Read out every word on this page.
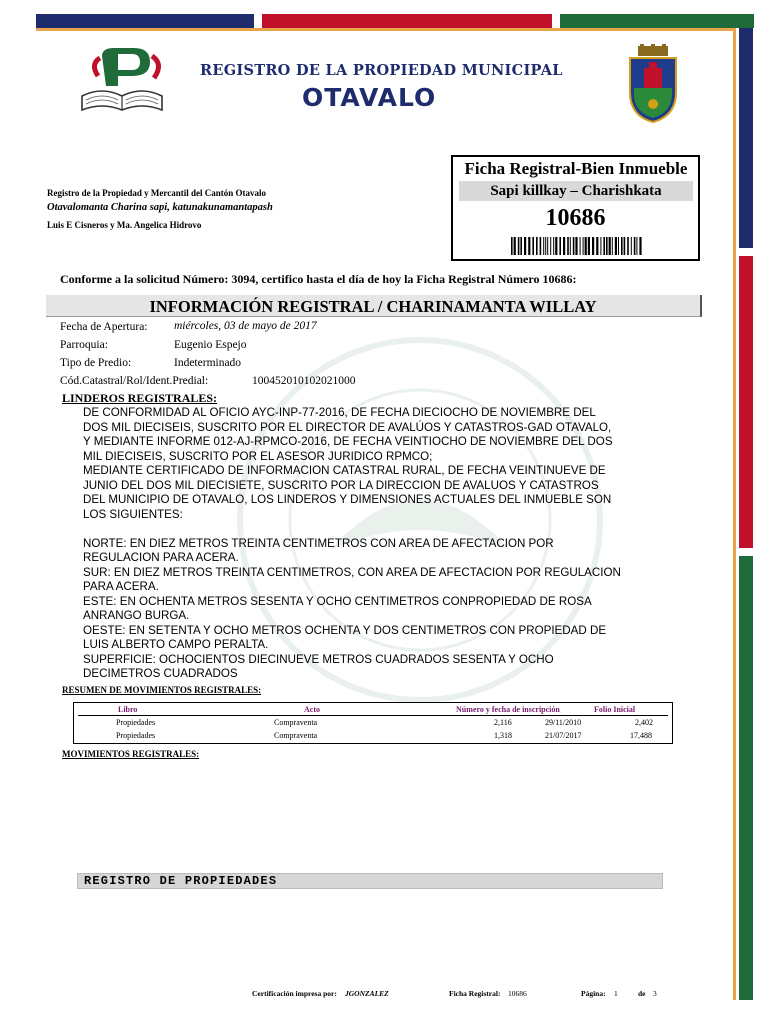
REGISTRO DE LA PROPIEDAD MUNICIPAL
OTAVALO
Registro de la Propiedad y Mercantil del Cantón Otavalo
Otavalomanta Charina sapi, katunakunamantapash
Luis E Cisneros y Ma. Angelica Hidrovo
Ficha Registral-Bien Inmueble
Sapi killkay – Charishkata
10686
Conforme a la solicitud Número: 3094, certifico hasta el día de hoy la Ficha Registral Número 10686:
INFORMACIÓN REGISTRAL / CHARINAMANTA WILLAY
Fecha de Apertura: miércoles, 03 de mayo de 2017
Parroquia:	Eugenio Espejo
Tipo de Predio:	Indeterminado
Cód.Catastral/Rol/Ident.Predial:	100452010102021000
LINDEROS REGISTRALES:
DE CONFORMIDAD AL OFICIO AYC-INP-77-2016, DE FECHA DIECIOCHO DE NOVIEMBRE DEL
DOS MIL DIECISEIS, SUSCRITO POR EL DIRECTOR DE AVALÚOS Y CATASTROS-GAD OTAVALO,
Y MEDIANTE INFORME 012-AJ-RPMCO-2016, DE FECHA VEINTIOCHO DE NOVIEMBRE DEL DOS
MIL DIECISEIS, SUSCRITO POR EL ASESOR JURIDICO RPMCO;
MEDIANTE CERTIFICADO DE INFORMACION CATASTRAL RURAL, DE FECHA VEINTINUEVE DE
JUNIO DEL DOS MIL DIECISIETE, SUSCRITO POR LA DIRECCION DE AVALUOS Y CATASTROS
DEL MUNICIPIO DE OTAVALO, LOS LINDEROS Y DIMENSIONES ACTUALES DEL INMUEBLE SON
LOS SIGUIENTES:

NORTE: EN DIEZ METROS TREINTA CENTIMETROS CON AREA DE AFECTACION POR
REGULACION PARA ACERA.
SUR: EN DIEZ METROS TREINTA CENTIMETROS, CON AREA DE AFECTACION POR REGULACION
PARA ACERA.
ESTE: EN OCHENTA METROS SESENTA Y OCHO CENTIMETROS CONPROPIEDAD DE ROSA
ANRANGO BURGA.
OESTE: EN SETENTA Y OCHO METROS OCHENTA Y DOS CENTIMETROS CON PROPIEDAD DE
LUIS ALBERTO CAMPO PERALTA.
SUPERFICIE: OCHOCIENTOS DIECINUEVE METROS CUADRADOS SESENTA Y OCHO
DECIMETROS CUADRADOS
RESUMEN DE MOVIMIENTOS REGISTRALES:
Libro	Acto	Número y fecha de inscripción	Folio Inicial
Propiedades	Compraventa	2,116	29/11/2010	2,402
Propiedades	Compraventa	1,318	21/07/2017	17,488
MOVIMIENTOS REGISTRALES:
REGISTRO DE PROPIEDADES
Certificación impresa por: JGONZALEZ	Ficha Registral: 10686	Página: 1	de 3
